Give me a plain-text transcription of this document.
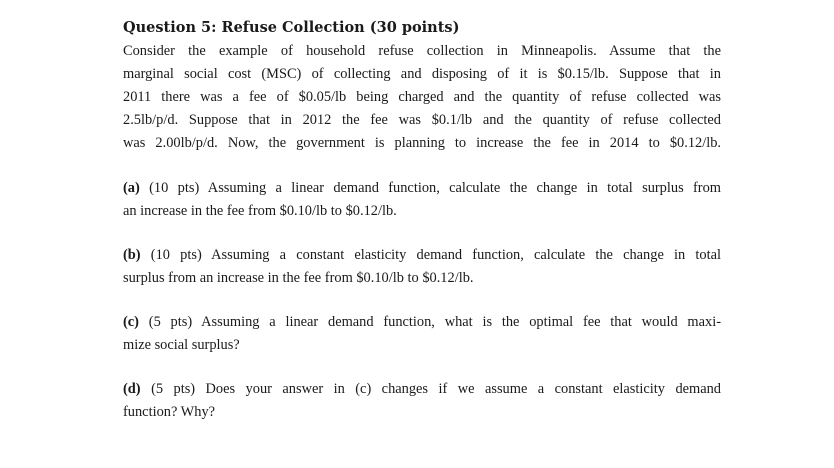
Question 5: Refuse Collection (30 points)

Consider the example of household refuse collection in Minneapolis. Assume that the
marginal social cost (MSC) of collecting and disposing of it is $0.15/lb. Suppose that in
2011 there was a fee of $0.05/lb being charged and the quantity of refuse collected was
2.5lb/p/d. Suppose that in 2012 the fee was $0.1/lb and the quantity of refuse collected
was 2.00lb/p/d. Now, the government is planning to increase the fee in 2014 to $0.12/lb.

(a) (10 pts) Assuming a linear demand function, calculate the change in total surplus from
an increase in the fee from $0.10/lb to $0.12/lb.

(b) (10 pts) Assuming a constant elasticity demand function, calculate the change in total
surplus from an increase in the fee from $0.10/lb to $0.12/lb.

(c) (5 pts) Assuming a linear demand function, what is the optimal fee that would maxi-
mize social surplus?

(d) (5 pts) Does your answer in (c) changes if we assume a constant elasticity demand
function? Why?
